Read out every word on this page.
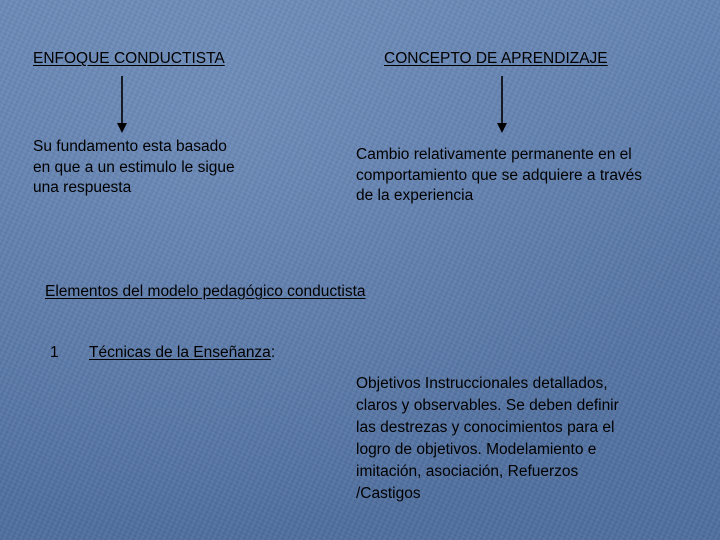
ENFOQUE CONDUCTISTA
Su fundamento esta basado
en que a un estimulo le sigue
una respuesta
CONCEPTO DE APRENDIZAJE
Cambio relativamente permanente en el
comportamiento que se adquiere a través
de la experiencia
Elementos del modelo pedagógico conductista
1 Técnicas de la Enseñanza:
Objetivos Instruccionales detallados,
claros y observables. Se deben definir
las destrezas y conocimientos para el
logro de objetivos. Modelamiento e
imitación, asociación, Refuerzos
/Castigos
